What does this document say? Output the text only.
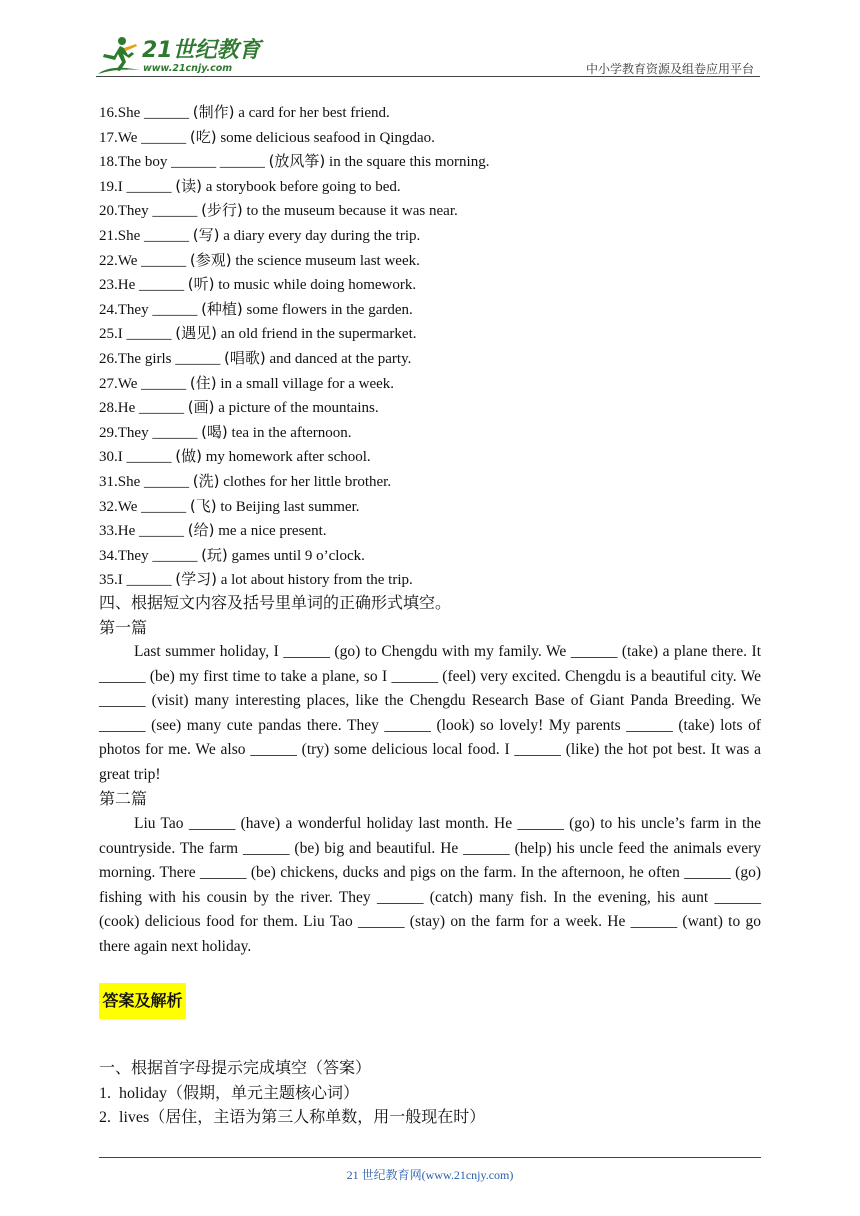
21世纪教育
www.21cnjy.com	中小学教育资源及组卷应用平台
16.She ______ (制作) a card for her best friend.
17.We ______ (吃) some delicious seafood in Qingdao.
18.The boy ______ ______ (放风筝) in the square this morning.
19.I ______ (读) a storybook before going to bed.
20.They ______ (步行) to the museum because it was near.
21.She ______ (写) a diary every day during the trip.
22.We ______ (参观) the science museum last week.
23.He ______ (听) to music while doing homework.
24.They ______ (种植) some flowers in the garden.
25.I ______ (遇见) an old friend in the supermarket.
26.The girls ______ (唱歌) and danced at the party.
27.We ______ (住) in a small village for a week.
28.He ______ (画) a picture of the mountains.
29.They ______ (喝) tea in the afternoon.
30.I ______ (做) my homework after school.
31.She ______ (洗) clothes for her little brother.
32.We ______ (飞) to Beijing last summer.
33.He ______ (给) me a nice present.
34.They ______ (玩) games until 9 o’clock.
35.I ______ (学习) a lot about history from the trip.
四、根据短文内容及括号里单词的正确形式填空。
第一篇
Last summer holiday, I ______ (go) to Chengdu with my family. We ______ (take) a plane there. It ______ (be) my first time to take a plane, so I ______ (feel) very excited. Chengdu is a beautiful city. We ______ (visit) many interesting places, like the Chengdu Research Base of Giant Panda Breeding. We ______ (see) many cute pandas there. They ______ (look) so lovely! My parents ______ (take) lots of photos for me. We also ______ (try) some delicious local food. I ______ (like) the hot pot best. It was a great trip!
第二篇
Liu Tao ______ (have) a wonderful holiday last month. He ______ (go) to his uncle’s farm in the countryside. The farm ______ (be) big and beautiful. He ______ (help) his uncle feed the animals every morning. There ______ (be) chickens, ducks and pigs on the farm. In the afternoon, he often ______ (go) fishing with his cousin by the river. They ______ (catch) many fish. In the evening, his aunt ______ (cook) delicious food for them. Liu Tao ______ (stay) on the farm for a week. He ______ (want) to go there again next holiday.
答案及解析
一、根据首字母提示完成填空（答案）
1. holiday（假期，单元主题核心词）
2. lives（居住，主语为第三人称单数，用一般现在时）
21 世纪教育网(www.21cnjy.com)
